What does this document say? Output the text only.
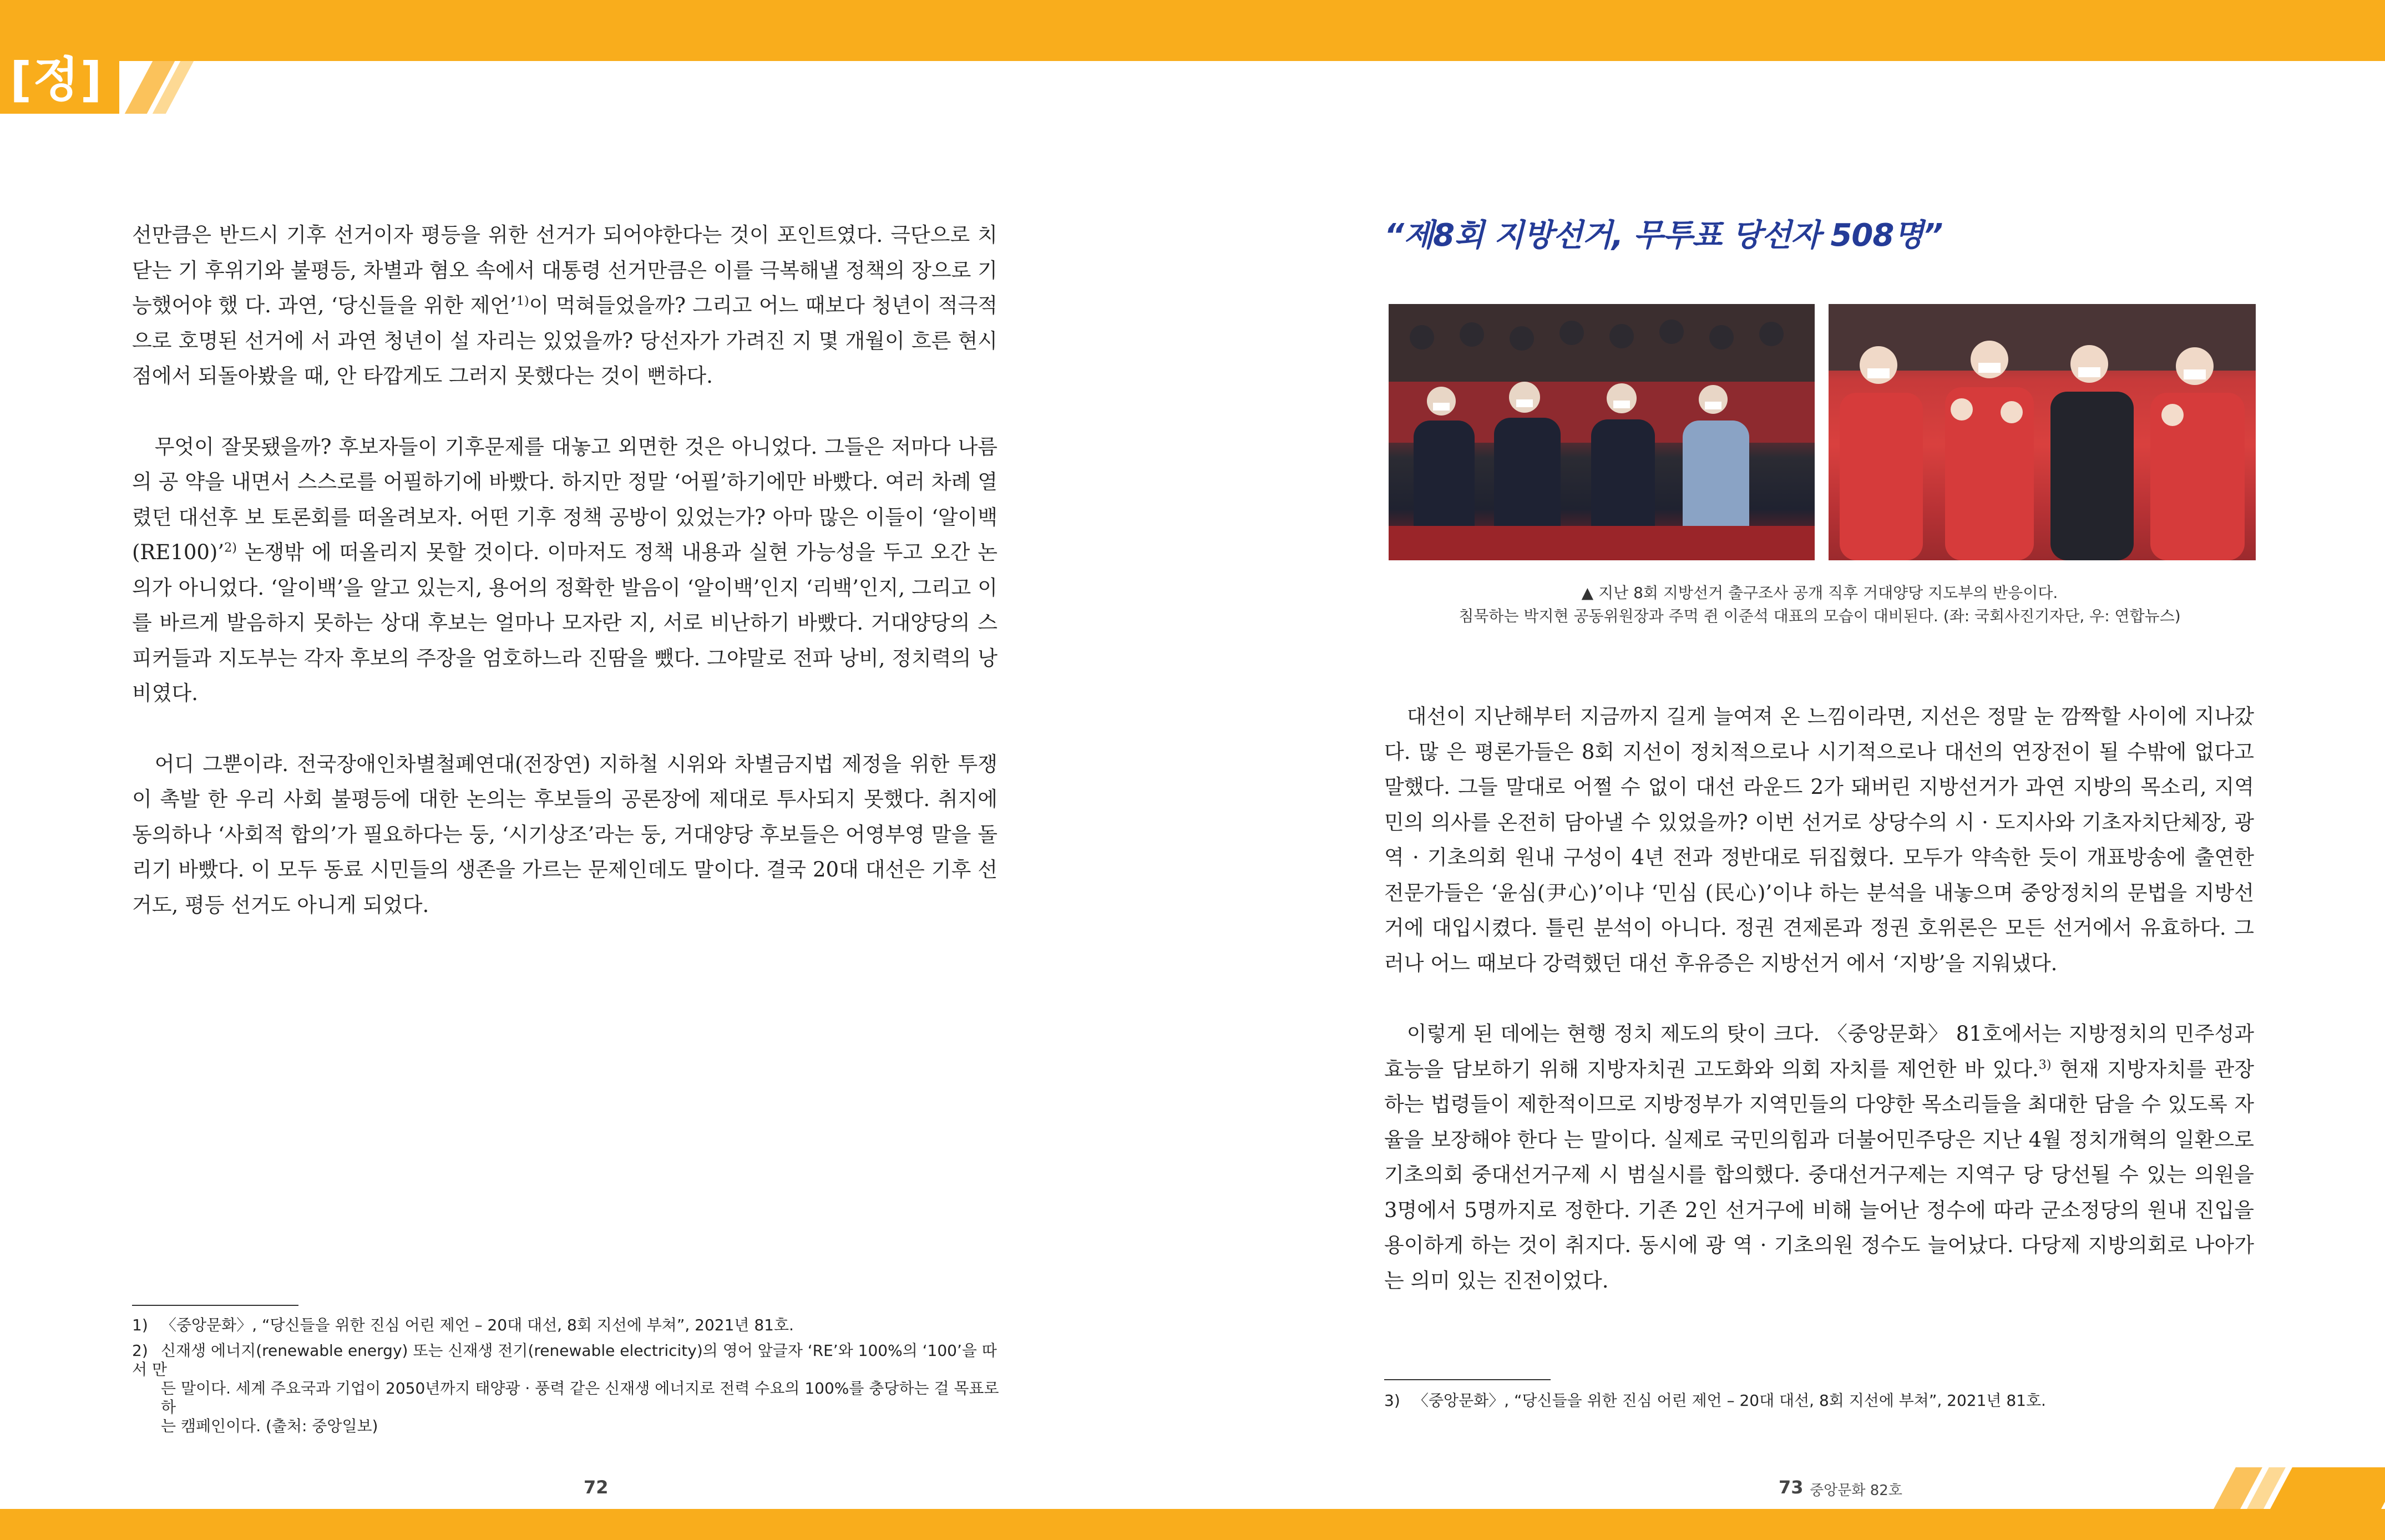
[정]

선만큼은 반드시 기후 선거이자 평등을 위한 선거가 되어야한다는 것이 포인트였다. 극단으로 치닫는 기 후위기와 불평등, 차별과 혐오 속에서 대통령 선거만큼은 이를 극복해낼 정책의 장으로 기능했어야 했 다. 과연, ‘당신들을 위한 제언’$^{1)}$이 먹혀들었을까? 그리고 어느 때보다 청년이 적극적으로 호명된 선거에 서 과연 청년이 설 자리는 있었을까? 당선자가 가려진 지 몇 개월이 흐른 현시점에서 되돌아봤을 때, 안 타깝게도 그러지 못했다는 것이 뻔하다.

무엇이 잘못됐을까? 후보자들이 기후문제를 대놓고 외면한 것은 아니었다. 그들은 저마다 나름의 공 약을 내면서 스스로를 어필하기에 바빴다. 하지만 정말 ‘어필’하기에만 바빴다. 여러 차례 열렸던 대선후 보 토론회를 떠올려보자. 어떤 기후 정책 공방이 있었는가? 아마 많은 이들이 ‘알이백(RE100)’$^{2)}$ 논쟁밖 에 떠올리지 못할 것이다. 이마저도 정책 내용과 실현 가능성을 두고 오간 논의가 아니었다. ‘알이백’을 알고 있는지, 용어의 정확한 발음이 ‘알이백’인지 ‘리백’인지, 그리고 이를 바르게 발음하지 못하는 상대 후보는 얼마나 모자란 지, 서로 비난하기 바빴다. 거대양당의 스피커들과 지도부는 각자 후보의 주장을 엄호하느라 진땀을 뺐다. 그야말로 전파 낭비, 정치력의 낭비였다.

어디 그뿐이랴. 전국장애인차별철폐연대(전장연) 지하철 시위와 차별금지법 제정을 위한 투쟁이 촉발 한 우리 사회 불평등에 대한 논의는 후보들의 공론장에 제대로 투사되지 못했다. 취지에 동의하나 ‘사회적 합의’가 필요하다는 둥, ‘시기상조’라는 둥, 거대양당 후보들은 어영부영 말을 돌리기 바빴다. 이 모두 동료 시민들의 생존을 가르는 문제인데도 말이다. 결국 20대 대선은 기후 선거도, 평등 선거도 아니게 되었다.

1) 〈중앙문화〉, “당신들을 위한 진심 어린 제언 – 20대 대선, 8회 지선에 부쳐”, 2021년 81호.
2) 신재생 에너지(renewable energy) 또는 신재생 전기(renewable electricity)의 영어 앞글자 ‘RE’와 100%의 ‘100’을 따서 만
든 말이다. 세계 주요국과 기업이 2050년까지 태양광 · 풍력 같은 신재생 에너지로 전력 수요의 100%를 충당하는 걸 목표로 하
는 캠페인이다. (출처: 중앙일보)
72
“제8회 지방선거, 무투표 당선자 508명”
▲ 지난 8회 지방선거 출구조사 공개 직후 거대양당 지도부의 반응이다.
침묵하는 박지현 공동위원장과 주먹 쥔 이준석 대표의 모습이 대비된다. (좌: 국회사진기자단, 우: 연합뉴스)

대선이 지난해부터 지금까지 길게 늘여져 온 느낌이라면, 지선은 정말 눈 깜짝할 사이에 지나갔다. 많 은 평론가들은 8회 지선이 정치적으로나 시기적으로나 대선의 연장전이 될 수밖에 없다고 말했다. 그들 말대로 어쩔 수 없이 대선 라운드 2가 돼버린 지방선거가 과연 지방의 목소리, 지역민의 의사를 온전히 담아낼 수 있었을까? 이번 선거로 상당수의 시 · 도지사와 기초자치단체장, 광역 · 기초의회 원내 구성이 4년 전과 정반대로 뒤집혔다. 모두가 약속한 듯이 개표방송에 출연한 전문가들은 ‘윤심(尹心)’이냐 ‘민심 (民心)’이냐 하는 분석을 내놓으며 중앙정치의 문법을 지방선거에 대입시켰다. 틀린 분석이 아니다. 정권 견제론과 정권 호위론은 모든 선거에서 유효하다. 그러나 어느 때보다 강력했던 대선 후유증은 지방선거 에서 ‘지방’을 지워냈다.

이렇게 된 데에는 현행 정치 제도의 탓이 크다. 〈중앙문화〉 81호에서는 지방정치의 민주성과 효능을 담보하기 위해 지방자치권 고도화와 의회 자치를 제언한 바 있다.$^{3)}$ 현재 지방자치를 관장하는 법령들이 제한적이므로 지방정부가 지역민들의 다양한 목소리들을 최대한 담을 수 있도록 자율을 보장해야 한다 는 말이다. 실제로 국민의힘과 더불어민주당은 지난 4월 정치개혁의 일환으로 기초의회 중대선거구제 시 범실시를 합의했다. 중대선거구제는 지역구 당 당선될 수 있는 의원을 3명에서 5명까지로 정한다. 기존 2인 선거구에 비해 늘어난 정수에 따라 군소정당의 원내 진입을 용이하게 하는 것이 취지다. 동시에 광 역 · 기초의원 정수도 늘어났다. 다당제 지방의회로 나아가는 의미 있는 진전이었다.

3) 〈중앙문화〉, “당신들을 위한 진심 어린 제언 – 20대 대선, 8회 지선에 부쳐”, 2021년 81호.
73 중앙문화 82호
